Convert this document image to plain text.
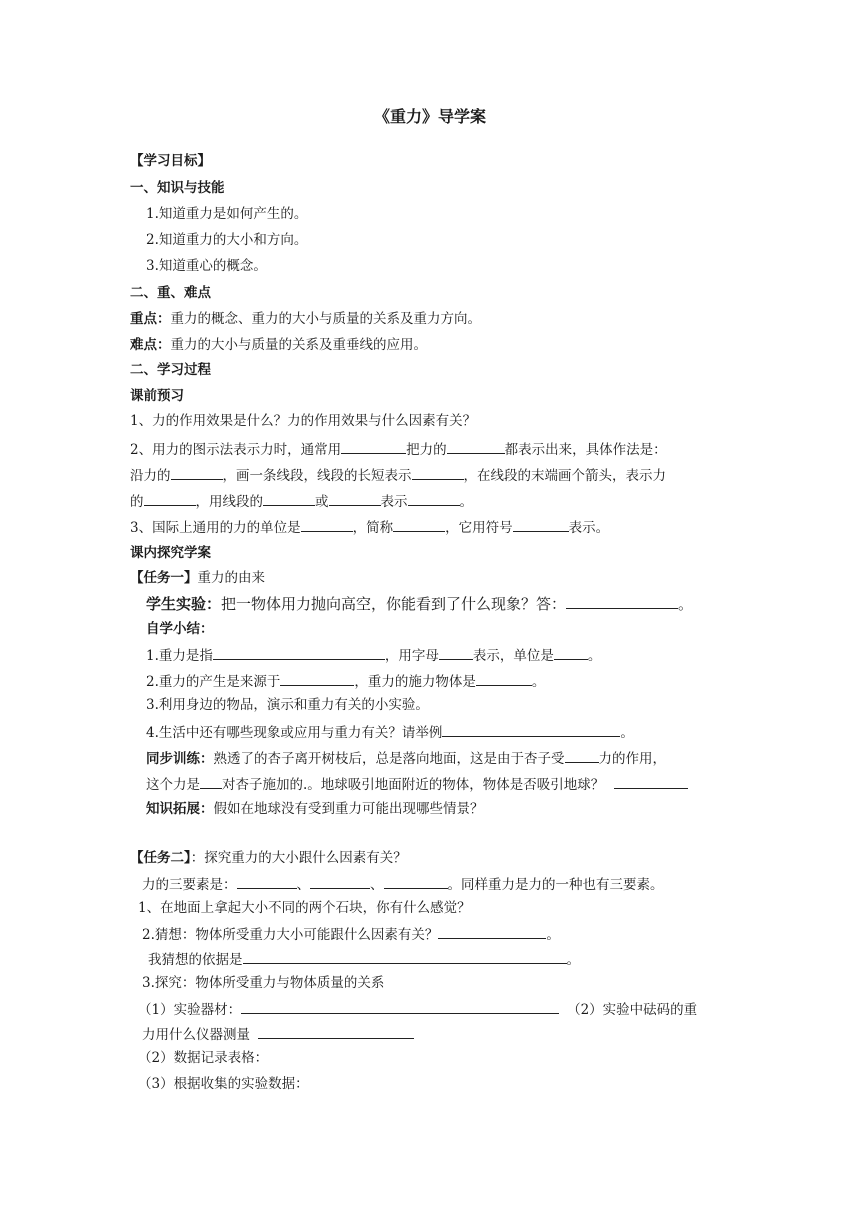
《重力》导学案
【学习目标】
一、知识与技能
1.知道重力是如何产生的。
2.知道重力的大小和方向。
3.知道重心的概念。
二、重、难点
重点：重力的概念、重力的大小与质量的关系及重力方向。
难点：重力的大小与质量的关系及重垂线的应用。
二、学习过程
课前预习
1、力的作用效果是什么？力的作用效果与什么因素有关？
2、用力的图示法表示力时，通常用	把力的	都表示出来，具体作法是：
沿力的	，画一条线段，线段的长短表示	，在线段的末端画个箭头，表示力
的	，用线段的	或	表示	。
3、国际上通用的力的单位是	，简称	，它用符号	表示。
课内探究学案
【任务一】重力的由来
学生实验：把一物体用力抛向高空，你能看到了什么现象？答：	。
自学小结：
1.重力是指	，用字母	表示，单位是	。
2.重力的产生是来源于	，重力的施力物体是	。
3.利用身边的物品，演示和重力有关的小实验。
4.生活中还有哪些现象或应用与重力有关？请举例	。
同步训练：熟透了的杏子离开树枝后，总是落向地面，这是由于杏子受	力的作用，
这个力是 对杏子施加的.。地球吸引地面附近的物体，物体是否吸引地球？
知识拓展：假如在地球没有受到重力可能出现哪些情景？
【任务二】：探究重力的大小跟什么因素有关？
力的三要素是：	、	、	。同样重力是力的一种也有三要素。
1、在地面上拿起大小不同的两个石块，你有什么感觉？
2.猜想：物体所受重力大小可能跟什么因素有关？	。
我猜想的依据是	。
3.探究：物体所受重力与物体质量的关系
（1）实验器材：	（2）实验中砝码的重
力用什么仪器测量
（2）数据记录表格：
（3）根据收集的实验数据：
